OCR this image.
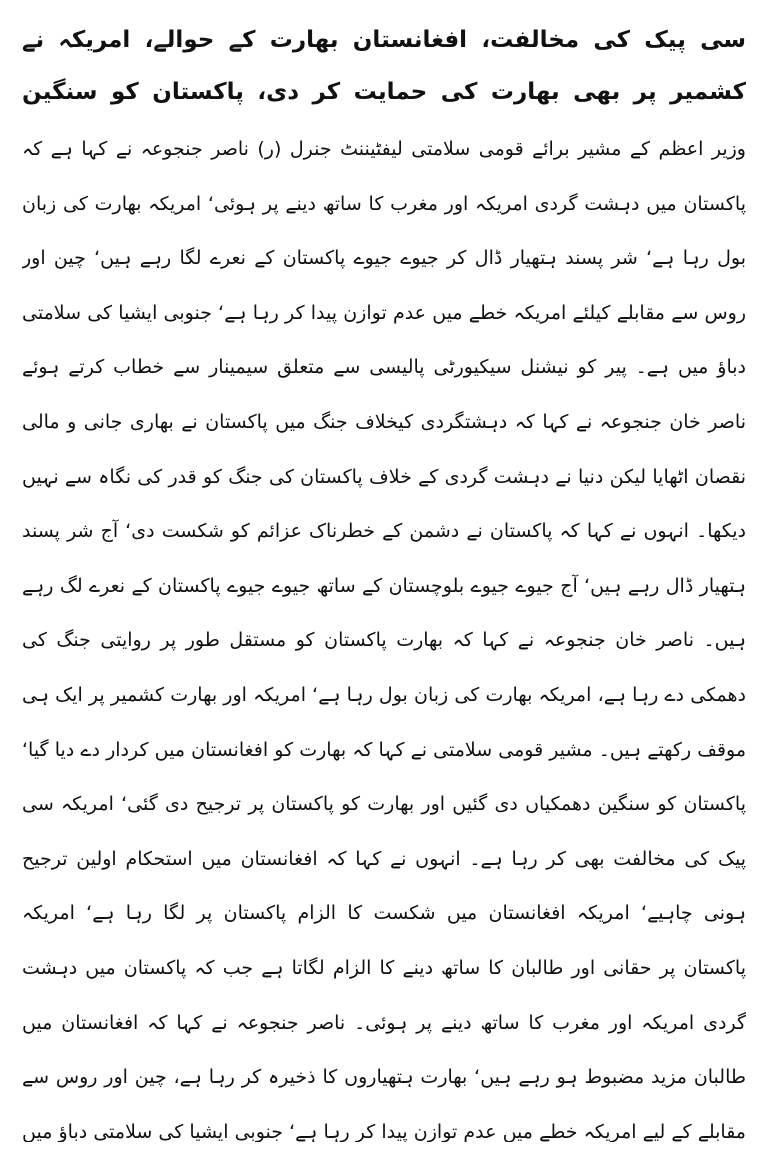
سی پیک کی مخالفت، افغانستان بھارت کے حوالے، امریکہ نے کشمیر پر بھی بھارت کی حمایت کر دی، پاکستان کو سنگین

وزیر اعظم کے مشیر برائے قومی سلامتی لیفٹیننٹ جنرل (ر) ناصر جنجوعہ نے کہا ہے کہ پاکستان میں دہشت گردی امریکہ اور مغرب کا ساتھ دینے پر ہوئی‘ امریکہ بھارت کی زبان بول رہا ہے‘ شر پسند ہتھیار ڈال کر جیوے جیوے پاکستان کے نعرے لگا رہے ہیں‘ چین اور روس سے مقابلے کیلئے امریکہ خطے میں عدم توازن پیدا کر رہا ہے‘ جنوبی ایشیا کی سلامتی دباؤ میں ہے۔ پیر کو نیشنل سیکیورٹی پالیسی سے متعلق سیمینار سے خطاب کرتے ہوئے ناصر خان جنجوعہ نے کہا کہ دہشتگردی کیخلاف جنگ میں پاکستان نے بھاری جانی و مالی نقصان اٹھایا لیکن دنیا نے دہشت گردی کے خلاف پاکستان کی جنگ کو قدر کی نگاہ سے نہیں دیکھا۔ انہوں نے کہا کہ پاکستان نے دشمن کے خطرناک عزائم کو شکست دی‘ آج شر پسند ہتھیار ڈال رہے ہیں‘ آج جیوے جیوے بلوچستان کے ساتھ جیوے جیوے پاکستان کے نعرے لگ رہے ہیں۔ ناصر خان جنجوعہ نے کہا کہ بھارت پاکستان کو مستقل طور پر روایتی جنگ کی دھمکی دے رہا ہے، امریکہ بھارت کی زبان بول رہا ہے‘ امریکہ اور بھارت کشمیر پر ایک ہی موقف رکھتے ہیں۔ مشیر قومی سلامتی نے کہا کہ بھارت کو افغانستان میں کردار دے دیا گیا‘ پاکستان کو سنگین دھمکیاں دی گئیں اور بھارت کو پاکستان پر ترجیح دی گئی‘ امریکہ سی پیک کی مخالفت بھی کر رہا ہے۔ انہوں نے کہا کہ افغانستان میں استحکام اولین ترجیح ہونی چاہیے‘ امریکہ افغانستان میں شکست کا الزام پاکستان پر لگا رہا ہے‘ امریکہ پاکستان پر حقانی اور طالبان کا ساتھ دینے کا الزام لگاتا ہے جب کہ پاکستان میں دہشت گردی امریکہ اور مغرب کا ساتھ دینے پر ہوئی۔ ناصر جنجوعہ نے کہا کہ افغانستان میں طالبان مزید مضبوط ہو رہے ہیں‘ بھارت ہتھیاروں کا ذخیرہ کر رہا ہے، چین اور روس سے مقابلے کے لیے امریکہ خطے میں عدم توازن پیدا کر رہا ہے‘ جنوبی ایشیا کی سلامتی دباؤ میں
